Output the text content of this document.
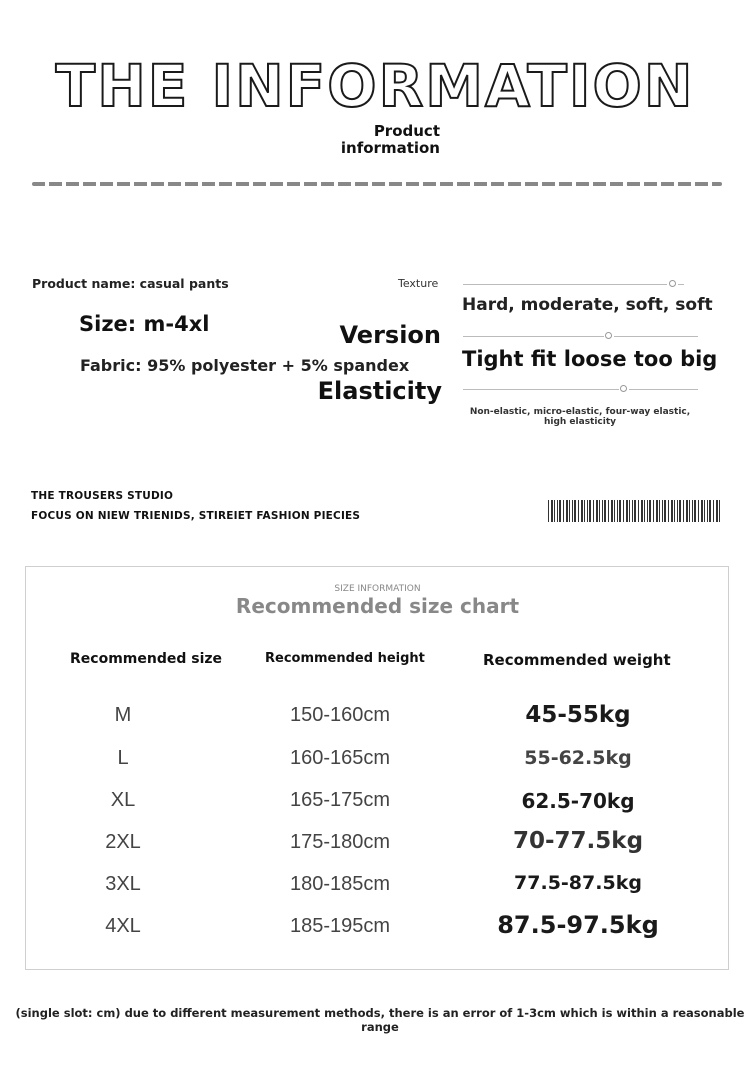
THE INFORMATION
Product
information
Product name: casual pants
Size: m-4xl
Fabric: 95% polyester + 5% spandex
Texture
Version
Elasticity
Hard, moderate, soft, soft
Tight fit loose too big
Non-elastic, micro-elastic, four-way elastic, high elasticity
THE TROUSERS STUDIO
FOCUS ON NIEW TRIENIDS, STIREIET FASHION PIECIES
SIZE INFORMATION
Recommended size chart
Recommended size	Recommended height	Recommended weight
M	150-160cm	45-55kg
L	160-165cm	55-62.5kg
XL	165-175cm	62.5-70kg
2XL	175-180cm	70-77.5kg
3XL	180-185cm	77.5-87.5kg
4XL	185-195cm	87.5-97.5kg
(single slot: cm) due to different measurement methods, there is an error of 1-3cm which is within a reasonable range
